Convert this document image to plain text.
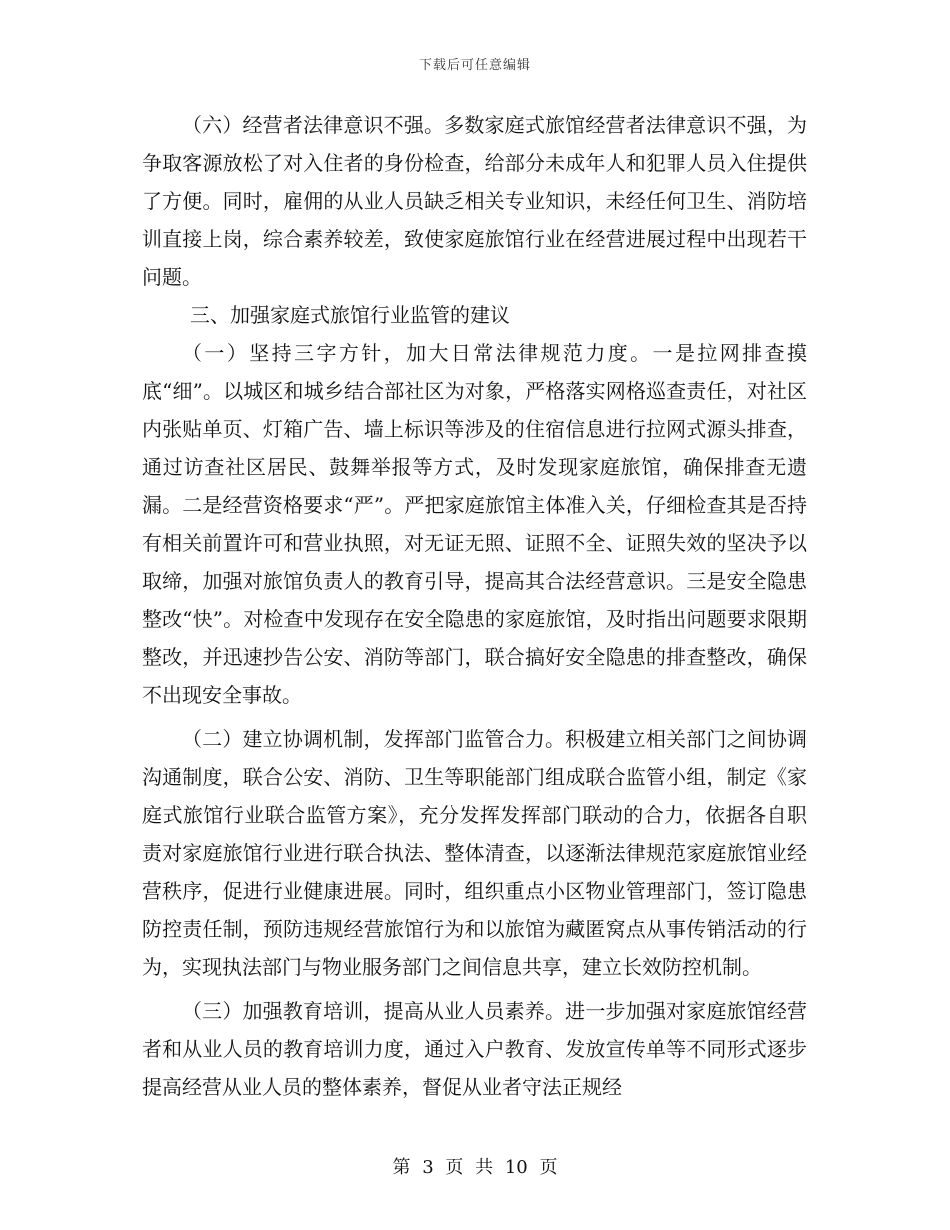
下载后可任意编辑

（六）经营者法律意识不强。多数家庭式旅馆经营者法律意识不强，为争取客源放松了对入住者的身份检查，给部分未成年人和犯罪人员入住提供了方便。同时，雇佣的从业人员缺乏相关专业知识，未经任何卫生、消防培训直接上岗，综合素养较差，致使家庭旅馆行业在经营进展过程中出现若干问题。

三、加强家庭式旅馆行业监管的建议

（一）坚持三字方针，加大日常法律规范力度。一是拉网排查摸底“细”。以城区和城乡结合部社区为对象，严格落实网格巡查责任，对社区内张贴单页、灯箱广告、墙上标识等涉及的住宿信息进行拉网式源头排查，通过访查社区居民、鼓舞举报等方式，及时发现家庭旅馆，确保排查无遗漏。二是经营资格要求“严”。严把家庭旅馆主体准入关，仔细检查其是否持有相关前置许可和营业执照，对无证无照、证照不全、证照失效的坚决予以取缔，加强对旅馆负责人的教育引导，提高其合法经营意识。三是安全隐患整改“快”。对检查中发现存在安全隐患的家庭旅馆，及时指出问题要求限期整改，并迅速抄告公安、消防等部门，联合搞好安全隐患的排查整改，确保不出现安全事故。

（二）建立协调机制，发挥部门监管合力。积极建立相关部门之间协调沟通制度，联合公安、消防、卫生等职能部门组成联合监管小组，制定《家庭式旅馆行业联合监管方案》，充分发挥发挥部门联动的合力，依据各自职责对家庭旅馆行业进行联合执法、整体清查，以逐渐法律规范家庭旅馆业经营秩序，促进行业健康进展。同时，组织重点小区物业管理部门，签订隐患防控责任制，预防违规经营旅馆行为和以旅馆为藏匿窝点从事传销活动的行为，实现执法部门与物业服务部门之间信息共享，建立长效防控机制。

（三）加强教育培训，提高从业人员素养。进一步加强对家庭旅馆经营者和从业人员的教育培训力度，通过入户教育、发放宣传单等不同形式逐步提高经营从业人员的整体素养，督促从业者守法正规经

第 3 页 共 10 页
